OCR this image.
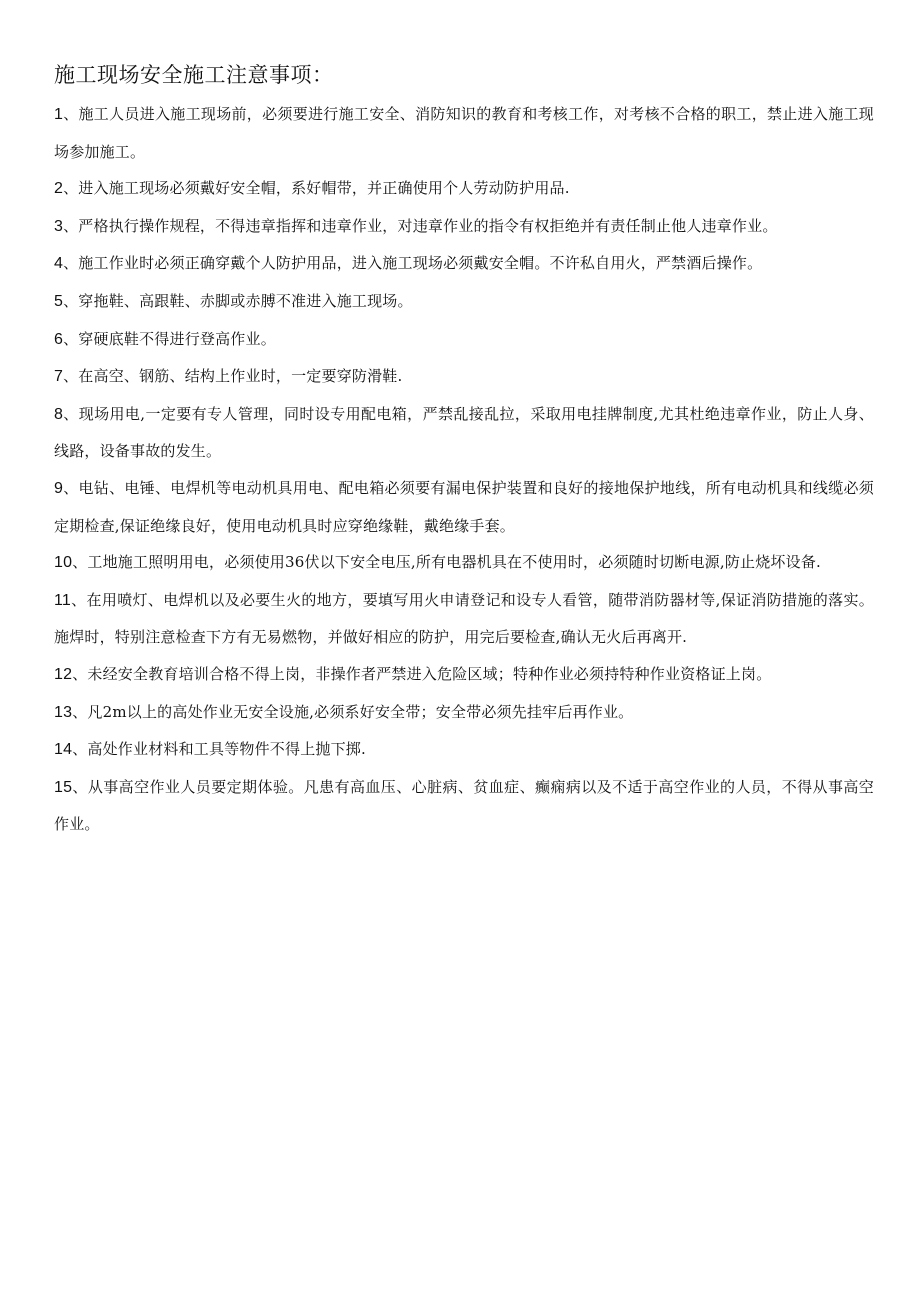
施工现场安全施工注意事项：
1、施工人员进入施工现场前，必须要进行施工安全、消防知识的教育和考核工作，对考核不合格的职工，禁止进入施工现场参加施工。
2、进入施工现场必须戴好安全帽，系好帽带，并正确使用个人劳动防护用品.
3、严格执行操作规程，不得违章指挥和违章作业，对违章作业的指令有权拒绝并有责任制止他人违章作业。
4、施工作业时必须正确穿戴个人防护用品，进入施工现场必须戴安全帽。不许私自用火，严禁酒后操作。
5、穿拖鞋、高跟鞋、赤脚或赤膊不准进入施工现场。
6、穿硬底鞋不得进行登高作业。
7、在高空、钢筋、结构上作业时，一定要穿防滑鞋.
8、现场用电,一定要有专人管理，同时设专用配电箱，严禁乱接乱拉，采取用电挂牌制度,尤其杜绝违章作业，防止人身、线路，设备事故的发生。
9、电钻、电锤、电焊机等电动机具用电、配电箱必须要有漏电保护装置和良好的接地保护地线，所有电动机具和线缆必须定期检查,保证绝缘良好，使用电动机具时应穿绝缘鞋，戴绝缘手套。
10、工地施工照明用电，必须使用36伏以下安全电压,所有电器机具在不使用时，必须随时切断电源,防止烧坏设备.
11、在用喷灯、电焊机以及必要生火的地方，要填写用火申请登记和设专人看管，随带消防器材等,保证消防措施的落实。施焊时，特别注意检查下方有无易燃物，并做好相应的防护，用完后要检查,确认无火后再离开.
12、未经安全教育培训合格不得上岗，非操作者严禁进入危险区域；特种作业必须持特种作业资格证上岗。
13、凡2m以上的高处作业无安全设施,必须系好安全带；安全带必须先挂牢后再作业。
14、高处作业材料和工具等物件不得上抛下掷.
15、从事高空作业人员要定期体验。凡患有高血压、心脏病、贫血症、癫痫病以及不适于高空作业的人员，不得从事高空作业。
